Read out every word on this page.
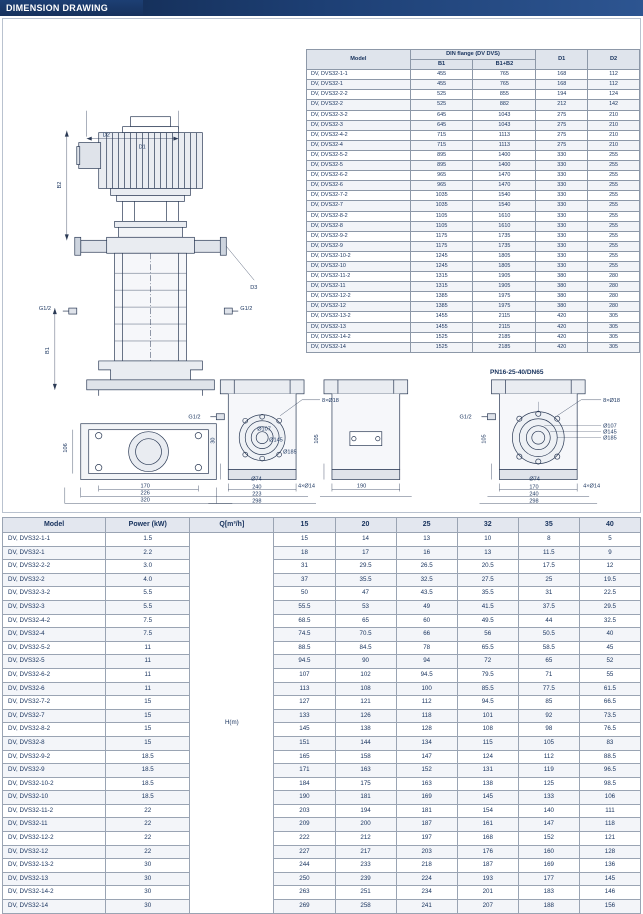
DIMENSION DRAWING
D2
D1
D3
B2
B1
G1/2	G1/2
106
170
226
320
G1/2
8×Ø18
Ø107
Ø145
Ø185
30
Ø74
4×Ø14
240
223
298
105
190
G1/2
8×Ø18
Ø107
Ø145
Ø185
105
Ø74
4×Ø14
170
240
298
PN16-25-40/DN65
Model	DIN flange (DV DVS)		D1	D2
	B1	B1+B2		
DV, DVS32-1-1	455	765	168	112
DV, DVS32-1	455	765	168	112
DV, DVS32-2-2	525	855	194	124
DV, DVS32-2	525	882	212	142
DV, DVS32-3-2	645	1043	275	210
DV, DVS32-3	645	1043	275	210
DV, DVS32-4-2	715	1113	275	210
DV, DVS32-4	715	1113	275	210
DV, DVS32-5-2	895	1400	330	255
DV, DVS32-5	895	1400	330	255
DV, DVS32-6-2	965	1470	330	255
DV, DVS32-6	965	1470	330	255
DV, DVS32-7-2	1035	1540	330	255
DV, DVS32-7	1035	1540	330	255
DV, DVS32-8-2	1105	1610	330	255
DV, DVS32-8	1105	1610	330	255
DV, DVS32-9-2	1175	1735	330	255
DV, DVS32-9	1175	1735	330	255
DV, DVS32-10-2	1245	1805	330	255
DV, DVS32-10	1245	1805	330	255
DV, DVS32-11-2	1315	1905	380	280
DV, DVS32-11	1315	1905	380	280
DV, DVS32-12-2	1385	1975	380	280
DV, DVS32-12	1385	1975	380	280
DV, DVS32-13-2	1455	2115	420	305
DV, DVS32-13	1455	2115	420	305
DV, DVS32-14-2	1525	2185	420	305
DV, DVS32-14	1525	2185	420	305
Model	Power (kW)	Q[m³/h]	15	20	25	32	35	40
DV, DVS32-1-1	1.5	H(m)	15	14	13	10	8	5
DV, DVS32-1	2.2		18	17	16	13	11.5	9
DV, DVS32-2-2	3.0		31	29.5	26.5	20.5	17.5	12
DV, DVS32-2	4.0		37	35.5	32.5	27.5	25	19.5
DV, DVS32-3-2	5.5		50	47	43.5	35.5	31	22.5
DV, DVS32-3	5.5		55.5	53	49	41.5	37.5	29.5
DV, DVS32-4-2	7.5		68.5	65	60	49.5	44	32.5
DV, DVS32-4	7.5		74.5	70.5	66	56	50.5	40
DV, DVS32-5-2	11		88.5	84.5	78	65.5	58.5	45
DV, DVS32-5	11		94.5	90	94	72	65	52
DV, DVS32-6-2	11		107	102	94.5	79.5	71	55
DV, DVS32-6	11		113	108	100	85.5	77.5	61.5
DV, DVS32-7-2	15		127	121	112	94.5	85	66.5
DV, DVS32-7	15		133	126	118	101	92	73.5
DV, DVS32-8-2	15		145	138	128	108	98	76.5
DV, DVS32-8	15		151	144	134	115	105	83
DV, DVS32-9-2	18.5		165	158	147	124	112	88.5
DV, DVS32-9	18.5		171	163	152	131	119	96.5
DV, DVS32-10-2	18.5		184	175	163	138	125	98.5
DV, DVS32-10	18.5		190	181	169	145	133	106
DV, DVS32-11-2	22		203	194	181	154	140	111
DV, DVS32-11	22		209	200	187	161	147	118
DV, DVS32-12-2	22		222	212	197	168	152	121
DV, DVS32-12	22		227	217	203	176	160	128
DV, DVS32-13-2	30		244	233	218	187	169	136
DV, DVS32-13	30		250	239	224	193	177	145
DV, DVS32-14-2	30		263	251	234	201	183	146
DV, DVS32-14	30		269	258	241	207	188	156
